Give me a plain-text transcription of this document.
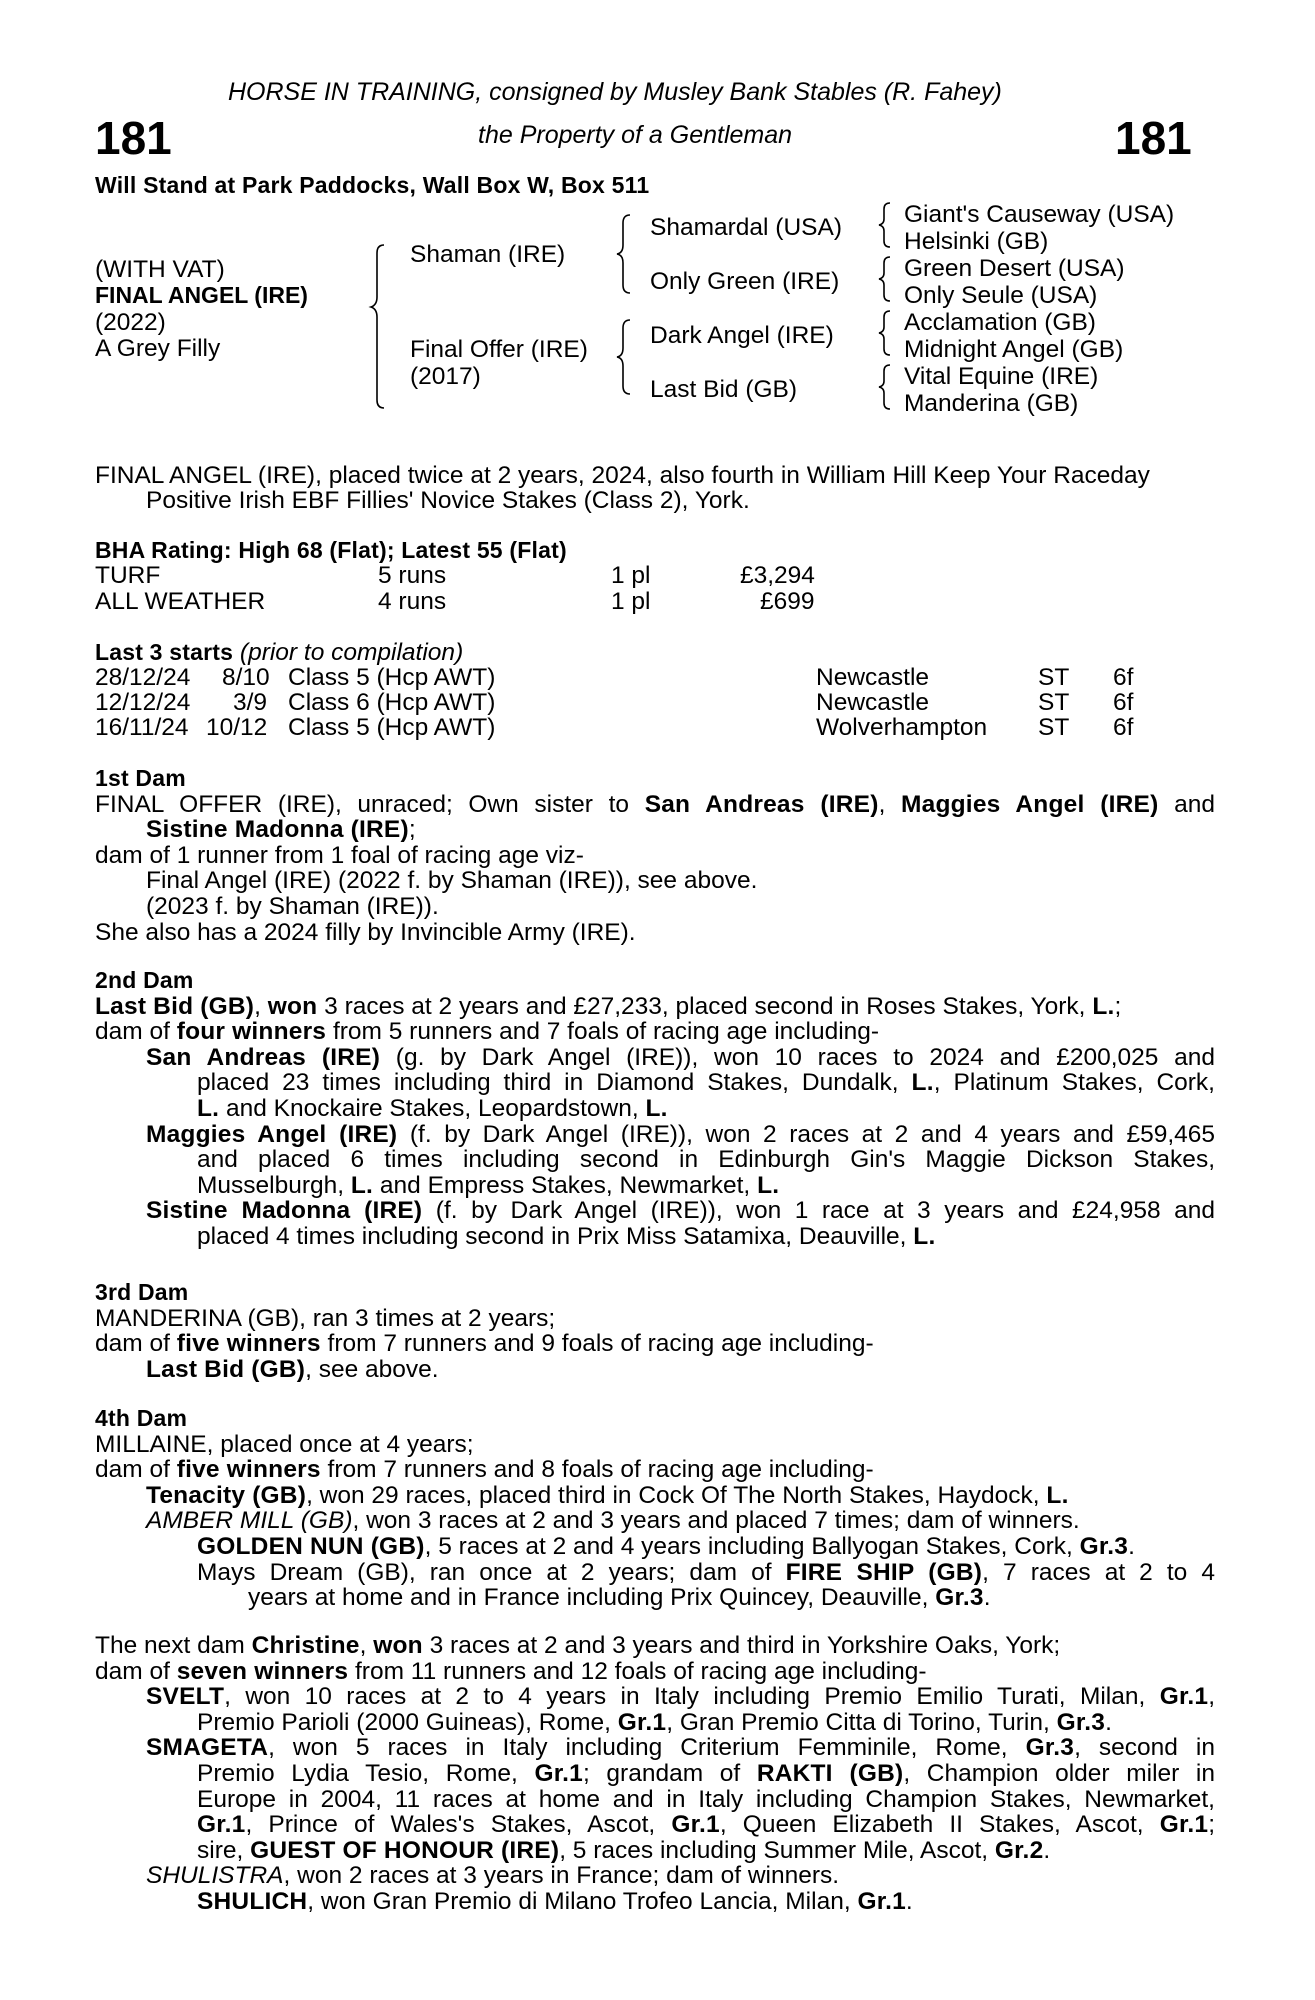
HORSE IN TRAINING, consigned by Musley Bank Stables (R. Fahey)
181	the Property of a Gentleman	181
Will Stand at Park Paddocks, Wall Box W, Box 511
(WITH VAT)
FINAL ANGEL (IRE)
(2022)
A Grey Filly
Shaman (IRE)
Final Offer (IRE)
(2017)
Shamardal (USA)
Only Green (IRE)
Dark Angel (IRE)
Last Bid (GB)
Giant's Causeway (USA)
Helsinki (GB)
Green Desert (USA)
Only Seule (USA)
Acclamation (GB)
Midnight Angel (GB)
Vital Equine (IRE)
Manderina (GB)
FINAL ANGEL (IRE), placed twice at 2 years, 2024, also fourth in William Hill Keep Your Raceday
Positive Irish EBF Fillies' Novice Stakes (Class 2), York.
BHA Rating: High 68 (Flat); Latest 55 (Flat)
TURF	5 runs	1 pl	£3,294
ALL WEATHER	4 runs	1 pl	£699
Last 3 starts (prior to compilation)
28/12/24 8/10 Class 5 (Hcp AWT)	Newcastle	ST 6f
12/12/24 3/9 Class 6 (Hcp AWT)	Newcastle	ST 6f
16/11/24 10/12 Class 5 (Hcp AWT)	Wolverhampton ST 6f
1st Dam
FINAL OFFER (IRE), unraced; Own sister to San Andreas (IRE), Maggies Angel (IRE) and
Sistine Madonna (IRE);
dam of 1 runner from 1 foal of racing age viz-
Final Angel (IRE) (2022 f. by Shaman (IRE)), see above.
(2023 f. by Shaman (IRE)).
She also has a 2024 filly by Invincible Army (IRE).
2nd Dam
Last Bid (GB), won 3 races at 2 years and £27,233, placed second in Roses Stakes, York, L.;
dam of four winners from 5 runners and 7 foals of racing age including-
San Andreas (IRE) (g. by Dark Angel (IRE)), won 10 races to 2024 and £200,025 and
placed 23 times including third in Diamond Stakes, Dundalk, L., Platinum Stakes, Cork,
L. and Knockaire Stakes, Leopardstown, L.
Maggies Angel (IRE) (f. by Dark Angel (IRE)), won 2 races at 2 and 4 years and £59,465
and placed 6 times including second in Edinburgh Gin's Maggie Dickson Stakes,
Musselburgh, L. and Empress Stakes, Newmarket, L.
Sistine Madonna (IRE) (f. by Dark Angel (IRE)), won 1 race at 3 years and £24,958 and
placed 4 times including second in Prix Miss Satamixa, Deauville, L.
3rd Dam
MANDERINA (GB), ran 3 times at 2 years;
dam of five winners from 7 runners and 9 foals of racing age including-
Last Bid (GB), see above.
4th Dam
MILLAINE, placed once at 4 years;
dam of five winners from 7 runners and 8 foals of racing age including-
Tenacity (GB), won 29 races, placed third in Cock Of The North Stakes, Haydock, L.
AMBER MILL (GB), won 3 races at 2 and 3 years and placed 7 times; dam of winners.
GOLDEN NUN (GB), 5 races at 2 and 4 years including Ballyogan Stakes, Cork, Gr.3.
Mays Dream (GB), ran once at 2 years; dam of FIRE SHIP (GB), 7 races at 2 to 4
years at home and in France including Prix Quincey, Deauville, Gr.3.
The next dam Christine, won 3 races at 2 and 3 years and third in Yorkshire Oaks, York;
dam of seven winners from 11 runners and 12 foals of racing age including-
SVELT, won 10 races at 2 to 4 years in Italy including Premio Emilio Turati, Milan, Gr.1,
Premio Parioli (2000 Guineas), Rome, Gr.1, Gran Premio Citta di Torino, Turin, Gr.3.
SMAGETA, won 5 races in Italy including Criterium Femminile, Rome, Gr.3, second in
Premio Lydia Tesio, Rome, Gr.1; grandam of RAKTI (GB), Champion older miler in
Europe in 2004, 11 races at home and in Italy including Champion Stakes, Newmarket,
Gr.1, Prince of Wales's Stakes, Ascot, Gr.1, Queen Elizabeth II Stakes, Ascot, Gr.1;
sire, GUEST OF HONOUR (IRE), 5 races including Summer Mile, Ascot, Gr.2.
SHULISTRA, won 2 races at 3 years in France; dam of winners.
SHULICH, won Gran Premio di Milano Trofeo Lancia, Milan, Gr.1.
